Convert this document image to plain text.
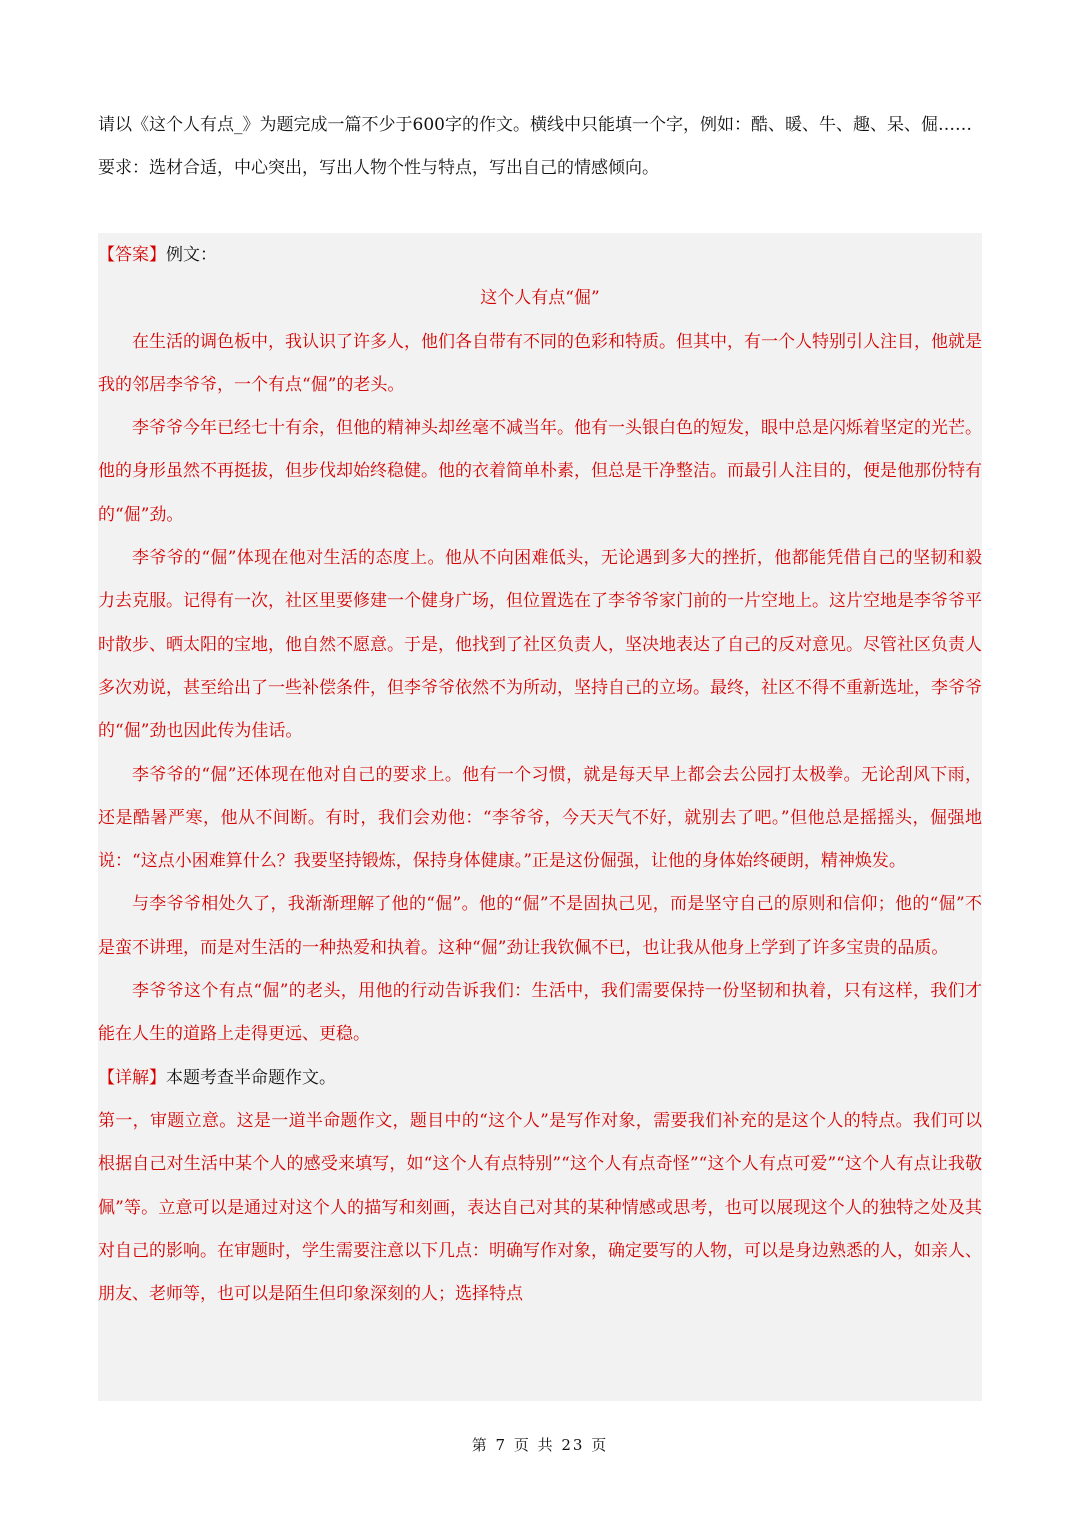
请以《这个人有点_》为题完成一篇不少于600字的作文。横线中只能填一个字，例如：酷、暖、牛、趣、呆、倔……

要求：选材合适，中心突出，写出人物个性与特点，写出自己的情感倾向。

【答案】例文：

这个人有点“倔”

在生活的调色板中，我认识了许多人，他们各自带有不同的色彩和特质。但其中，有一个人特别引人注目，他就是我的邻居李爷爷，一个有点“倔”的老头。

李爷爷今年已经七十有余，但他的精神头却丝毫不减当年。他有一头银白色的短发，眼中总是闪烁着坚定的光芒。他的身形虽然不再挺拔，但步伐却始终稳健。他的衣着简单朴素，但总是干净整洁。而最引人注目的，便是他那份特有的“倔”劲。

李爷爷的“倔”体现在他对生活的态度上。他从不向困难低头，无论遇到多大的挫折，他都能凭借自己的坚韧和毅力去克服。记得有一次，社区里要修建一个健身广场，但位置选在了李爷爷家门前的一片空地上。这片空地是李爷爷平时散步、晒太阳的宝地，他自然不愿意。于是，他找到了社区负责人，坚决地表达了自己的反对意见。尽管社区负责人多次劝说，甚至给出了一些补偿条件，但李爷爷依然不为所动，坚持自己的立场。最终，社区不得不重新选址，李爷爷的“倔”劲也因此传为佳话。

李爷爷的“倔”还体现在他对自己的要求上。他有一个习惯，就是每天早上都会去公园打太极拳。无论刮风下雨，还是酷暑严寒，他从不间断。有时，我们会劝他：“李爷爷，今天天气不好，就别去了吧。”但他总是摇摇头，倔强地说：“这点小困难算什么？我要坚持锻炼，保持身体健康。”正是这份倔强，让他的身体始终硬朗，精神焕发。

与李爷爷相处久了，我渐渐理解了他的“倔”。他的“倔”不是固执己见，而是坚守自己的原则和信仰；他的“倔”不是蛮不讲理，而是对生活的一种热爱和执着。这种“倔”劲让我钦佩不已，也让我从他身上学到了许多宝贵的品质。

李爷爷这个有点“倔”的老头，用他的行动告诉我们：生活中，我们需要保持一份坚韧和执着，只有这样，我们才能在人生的道路上走得更远、更稳。

【详解】本题考查半命题作文。

第一，审题立意。这是一道半命题作文，题目中的“这个人”是写作对象，需要我们补充的是这个人的特点。我们可以根据自己对生活中某个人的感受来填写，如“这个人有点特别”“这个人有点奇怪”“这个人有点可爱”“这个人有点让我敬佩”等。立意可以是通过对这个人的描写和刻画，表达自己对其的某种情感或思考，也可以展现这个人的独特之处及其对自己的影响。在审题时，学生需要注意以下几点：明确写作对象，确定要写的人物，可以是身边熟悉的人，如亲人、朋友、老师等，也可以是陌生但印象深刻的人；选择特点

第 7 页 共 23 页
